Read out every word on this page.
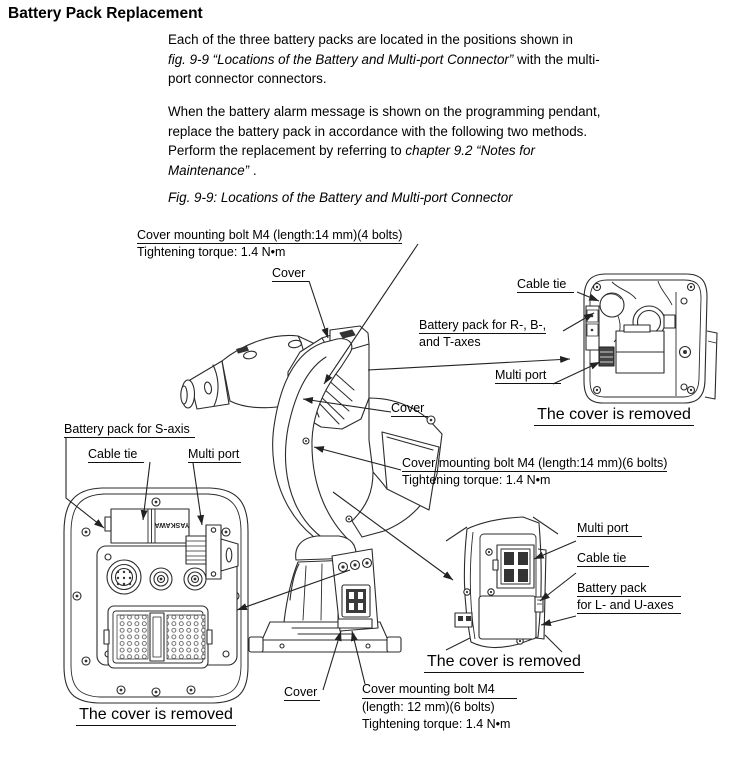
YASKAWA
Battery Pack Replacement
Each of the three battery packs are located in the positions shown in
fig. 9-9 “Locations of the Battery and Multi-port Connector” with the multi-
port connector connectors.
When the battery alarm message is shown on the programming pendant,
replace the battery pack in accordance with the following two methods.
Perform the replacement by referring to chapter 9.2 “Notes for
Maintenance” .
Fig. 9-9: Locations of the Battery and Multi-port Connector
Cover mounting bolt M4 (length:14 mm)(4 bolts)
Tightening torque: 1.4 N•m
Cover
Cable tie
Battery pack for R-, B-,
and T-axes
Multi port
The cover is removed
Battery pack for S-axis
Cable tie	Multi port
Cover
Cover mounting bolt M4 (length:14 mm)(6 bolts)
Tightening torque: 1.4 N•m
Multi port
Cable tie
Battery pack
for L- and U-axes
The cover is removed
Cover	Cover mounting bolt M4
(length: 12 mm)(6 bolts)
Tightening torque: 1.4 N•m
The cover is removed
